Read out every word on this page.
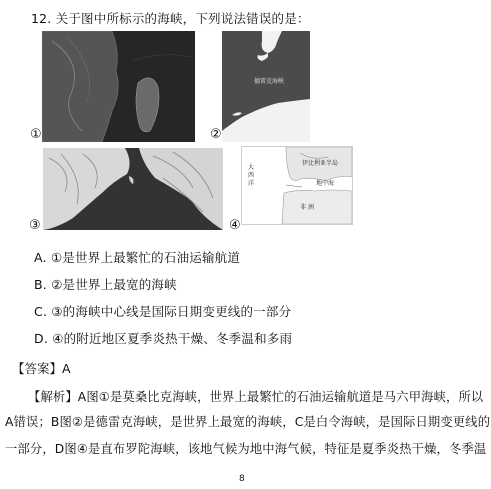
12. 关于图中所标示的海峡，下列说法错误的是：
①
德雷克海峡
②
③
大
西
洋
伊比利亚半岛
地中海
非 洲
④
A. ①是世界上最繁忙的石油运输航道
B. ②是世界上最宽的海峡
C. ③的海峡中心线是国际日期变更线的一部分
D. ④的附近地区夏季炎热干燥、冬季温和多雨
【答案】A
【解析】A图①是莫桑比克海峡，世界上最繁忙的石油运输航道是马六甲海峡，所以
A错误；B图②是德雷克海峡，是世界上最宽的海峡，C是白令海峡，是国际日期变更线的
一部分，D图④是直布罗陀海峡，该地气候为地中海气候，特征是夏季炎热干燥，冬季温
8
